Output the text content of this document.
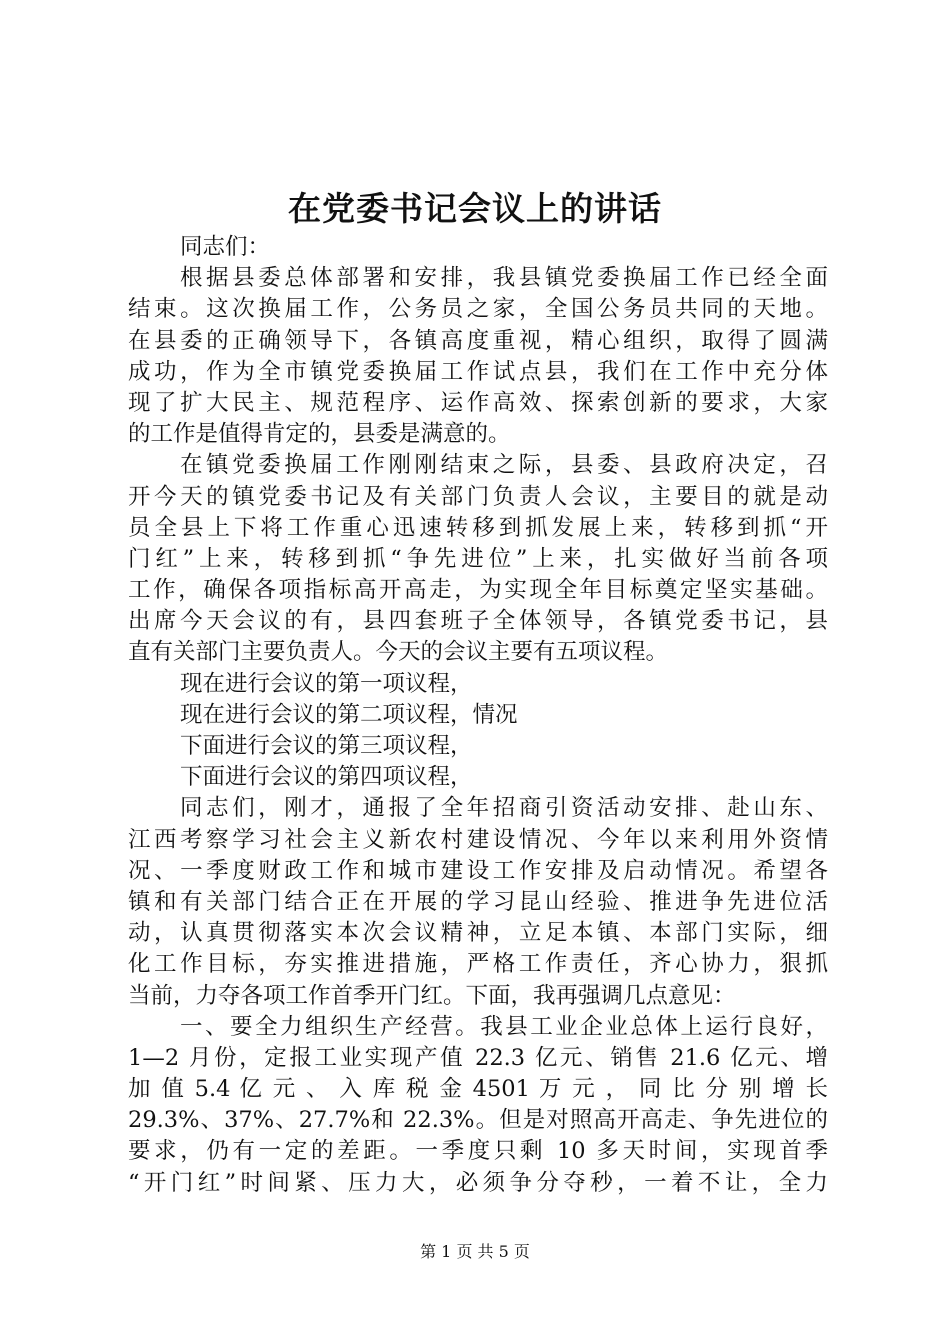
在党委书记会议上的讲话
同志们：
根据县委总体部署和安排，我县镇党委换届工作已经全面
结束。这次换届工作，公务员之家，全国公务员共同的天地。
在县委的正确领导下，各镇高度重视，精心组织，取得了圆满
成功，作为全市镇党委换届工作试点县，我们在工作中充分体
现了扩大民主、规范程序、运作高效、探索创新的要求，大家
的工作是值得肯定的，县委是满意的。
在镇党委换届工作刚刚结束之际，县委、县政府决定，召
开今天的镇党委书记及有关部门负责人会议，主要目的就是动
员全县上下将工作重心迅速转移到抓发展上来，转移到抓“开
门红”上来，转移到抓“争先进位”上来，扎实做好当前各项
工作，确保各项指标高开高走，为实现全年目标奠定坚实基础。
出席今天会议的有，县四套班子全体领导，各镇党委书记，县
直有关部门主要负责人。今天的会议主要有五项议程。
现在进行会议的第一项议程，
现在进行会议的第二项议程，情况
下面进行会议的第三项议程，
下面进行会议的第四项议程，
同志们，刚才，通报了全年招商引资活动安排、赴山东、
江西考察学习社会主义新农村建设情况、今年以来利用外资情
况、一季度财政工作和城市建设工作安排及启动情况。希望各
镇和有关部门结合正在开展的学习昆山经验、推进争先进位活
动，认真贯彻落实本次会议精神，立足本镇、本部门实际，细
化工作目标，夯实推进措施，严格工作责任，齐心协力，狠抓
当前，力夺各项工作首季开门红。下面，我再强调几点意见：
一、要全力组织生产经营。我县工业企业总体上运行良好，
1—2 月份，定报工业实现产值 22.3 亿元、销售 21.6 亿元、增
加 值 5.4 亿 元 、 入 库 税 金 4501 万 元 ， 同 比 分 别 增 长
29.3%、37%、27.7%和 22.3%。但是对照高开高走、争先进位的
要求，仍有一定的差距。一季度只剩 10 多天时间，实现首季
“开门红”时间紧、压力大，必须争分夺秒，一着不让，全力
第 1 页 共 5 页
